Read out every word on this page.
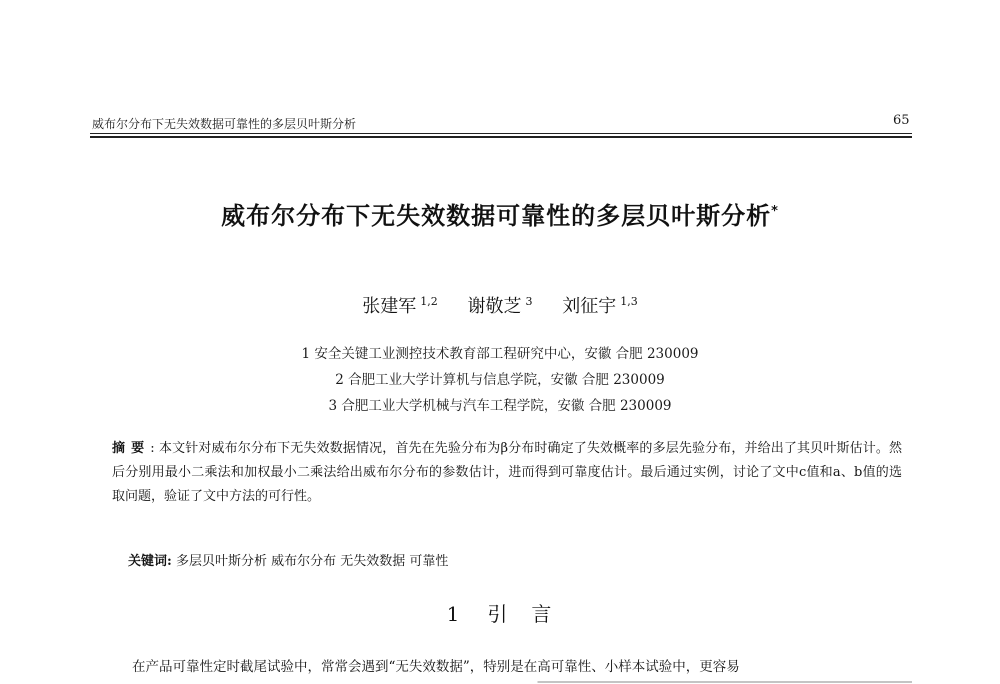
威布尔分布下无失效数据可靠性的多层贝叶斯分析	65
威布尔分布下无失效数据可靠性的多层贝叶斯分析*
张建军 $^{1,2}$ 谢敬芝 $^3$ 刘征宇 $^{1,3}$
1 安全关键工业测控技术教育部工程研究中心，安徽 合肥 230009
2 合肥工业大学计算机与信息学院，安徽 合肥 230009
3 合肥工业大学机械与汽车工程学院，安徽 合肥 230009
摘要: 本文针对威布尔分布下无失效数据情况，首先在先验分布为β分布时确定了失效概率的多层先验分布，并给出了其贝叶斯估计。然后分别用最小二乘法和加权最小二乘法给出威布尔分布的参数估计，进而得到可靠度估计。最后通过实例，讨论了文中c值和a、b值的选取问题，验证了文中方法的可行性。
关键词: 多层贝叶斯分析 威布尔分布 无失效数据 可靠性
1 引　言
在产品可靠性定时截尾试验中，常常会遇到“无失效数据”，特别是在高可靠性、小样本试验中，更容易
